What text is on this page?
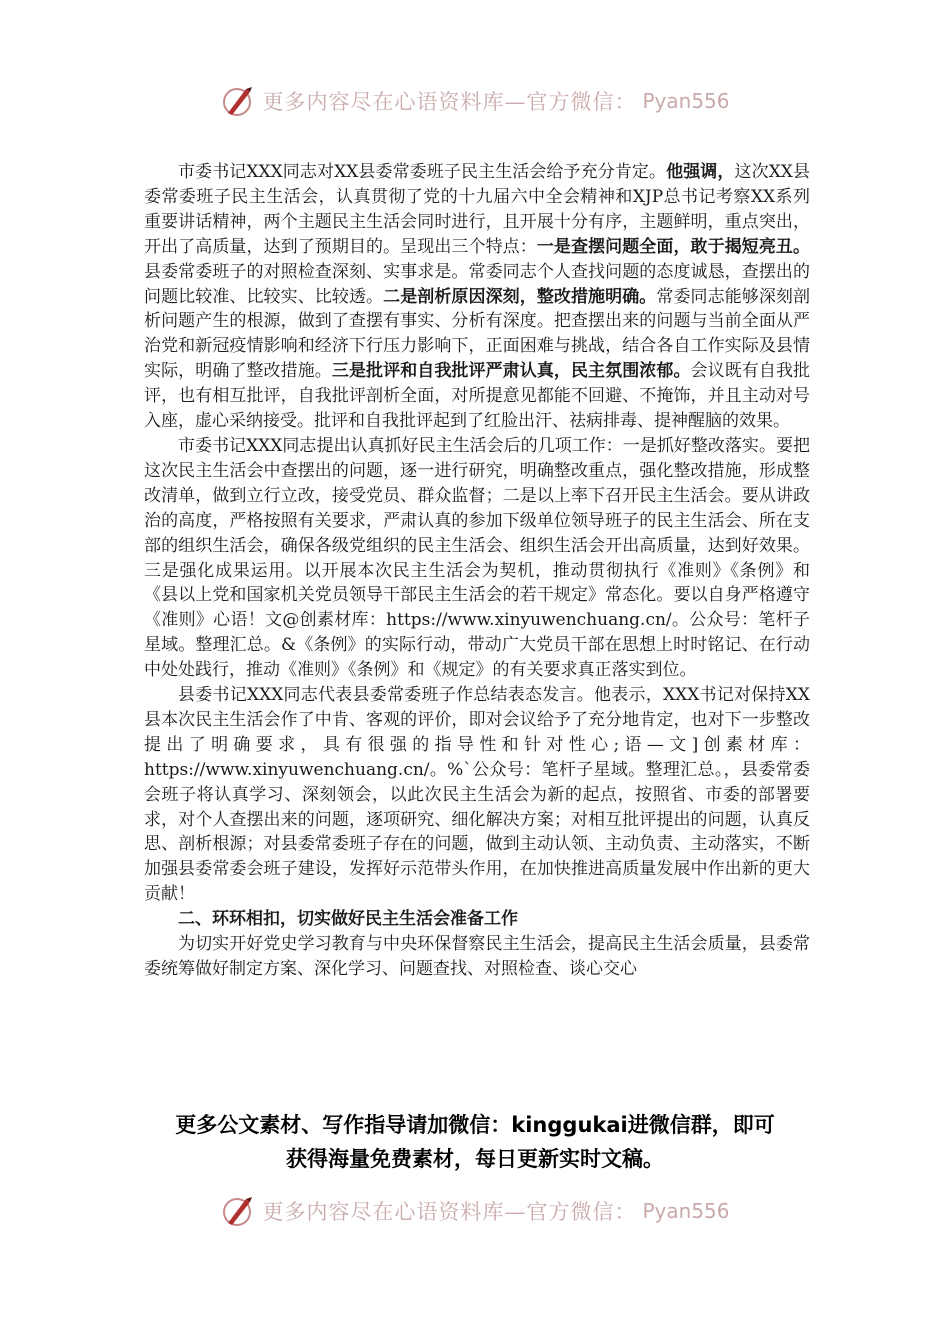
更多内容尽在心语资料库—官方微信： Pyan556

市委书记XXX同志对XX县委常委班子民主生活会给予充分肯定。他强调，这次XX县委常委班子民主生活会，认真贯彻了党的十九届六中全会精神和XJP总书记考察XX系列重要讲话精神，两个主题民主生活会同时进行，且开展十分有序，主题鲜明，重点突出，开出了高质量，达到了预期目的。呈现出三个特点：一是查摆问题全面，敢于揭短亮丑。县委常委班子的对照检查深刻、实事求是。常委同志个人查找问题的态度诚恳，查摆出的问题比较准、比较实、比较透。二是剖析原因深刻，整改措施明确。常委同志能够深刻剖析问题产生的根源，做到了查摆有事实、分析有深度。把查摆出来的问题与当前全面从严治党和新冠疫情影响和经济下行压力影响下，正面困难与挑战，结合各自工作实际及县情实际，明确了整改措施。三是批评和自我批评严肃认真，民主氛围浓郁。会议既有自我批评，也有相互批评，自我批评剖析全面，对所提意见都能不回避、不掩饰，并且主动对号入座，虚心采纳接受。批评和自我批评起到了红脸出汗、祛病排毒、提神醒脑的效果。

市委书记XXX同志提出认真抓好民主生活会后的几项工作：一是抓好整改落实。要把这次民主生活会中查摆出的问题，逐一进行研究，明确整改重点，强化整改措施，形成整改清单，做到立行立改，接受党员、群众监督；二是以上率下召开民主生活会。要从讲政治的高度，严格按照有关要求，严肃认真的参加下级单位领导班子的民主生活会、所在支部的组织生活会，确保各级党组织的民主生活会、组织生活会开出高质量，达到好效果。三是强化成果运用。以开展本次民主生活会为契机，推动贯彻执行《准则》《条例》和《县以上党和国家机关党员领导干部民主生活会的若干规定》常态化。要以自身严格遵守《准则》心语！文@创素材库：https://www.xinyuwenchuang.cn/。公众号：笔杆子星域。整理汇总。&《条例》的实际行动，带动广大党员干部在思想上时时铭记、在行动中处处践行，推动《准则》《条例》和《规定》的有关要求真正落实到位。

县委书记XXX同志代表县委常委班子作总结表态发言。他表示，XXX书记对保持XX县本次民主生活会作了中肯、客观的评价，即对会议给予了充分地肯定，也对下一步整改提出了明确要求，具有很强的指导性和针对性心;语—文]创素材库：https://www.xinyuwenchuang.cn/。%`公众号：笔杆子星域。整理汇总。，县委常委会班子将认真学习、深刻领会，以此次民主生活会为新的起点，按照省、市委的部署要求，对个人查摆出来的问题，逐项研究、细化解决方案；对相互批评提出的问题，认真反思、剖析根源；对县委常委班子存在的问题，做到主动认领、主动负责、主动落实，不断加强县委常委会班子建设，发挥好示范带头作用，在加快推进高质量发展中作出新的更大贡献！

二、环环相扣，切实做好民主生活会准备工作

为切实开好党史学习教育与中央环保督察民主生活会，提高民主生活会质量，县委常委统筹做好制定方案、深化学习、问题查找、对照检查、谈心交心

更多公文素材、写作指导请加微信：kinggukai进微信群，即可
获得海量免费素材，每日更新实时文稿。
更多内容尽在心语资料库—官方微信： Pyan556
